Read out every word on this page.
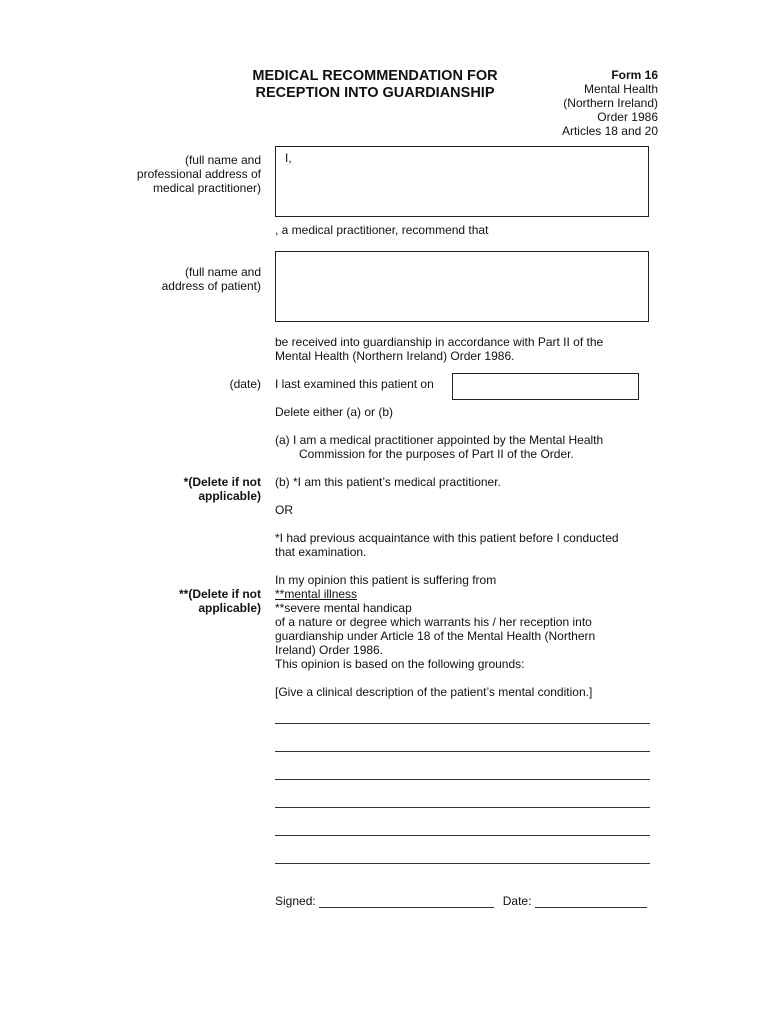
MEDICAL RECOMMENDATION FOR
RECEPTION INTO GUARDIANSHIP
Form 16
Mental Health
(Northern Ireland)
Order 1986
Articles 18 and 20
(full name and
professional address of
medical practitioner)
I,
, a medical practitioner, recommend that
(full name and
address of patient)
be received into guardianship in accordance with Part II of the
Mental Health (Northern Ireland) Order 1986.
(date) I last examined this patient on
Delete either (a) or (b)
(a) I am a medical practitioner appointed by the Mental Health
Commission for the purposes of Part II of the Order.
*(Delete if not
applicable)
(b) *I am this patient’s medical practitioner.
OR
*I had previous acquaintance with this patient before I conducted
that examination.
**(Delete if not
applicable)
In my opinion this patient is suffering from
**mental illness
**severe mental handicap
of a nature or degree which warrants his / her reception into
guardianship under Article 18 of the Mental Health (Northern
Ireland) Order 1986.
This opinion is based on the following grounds:
[Give a clinical description of the patient’s mental condition.]
Signed:	Date:
